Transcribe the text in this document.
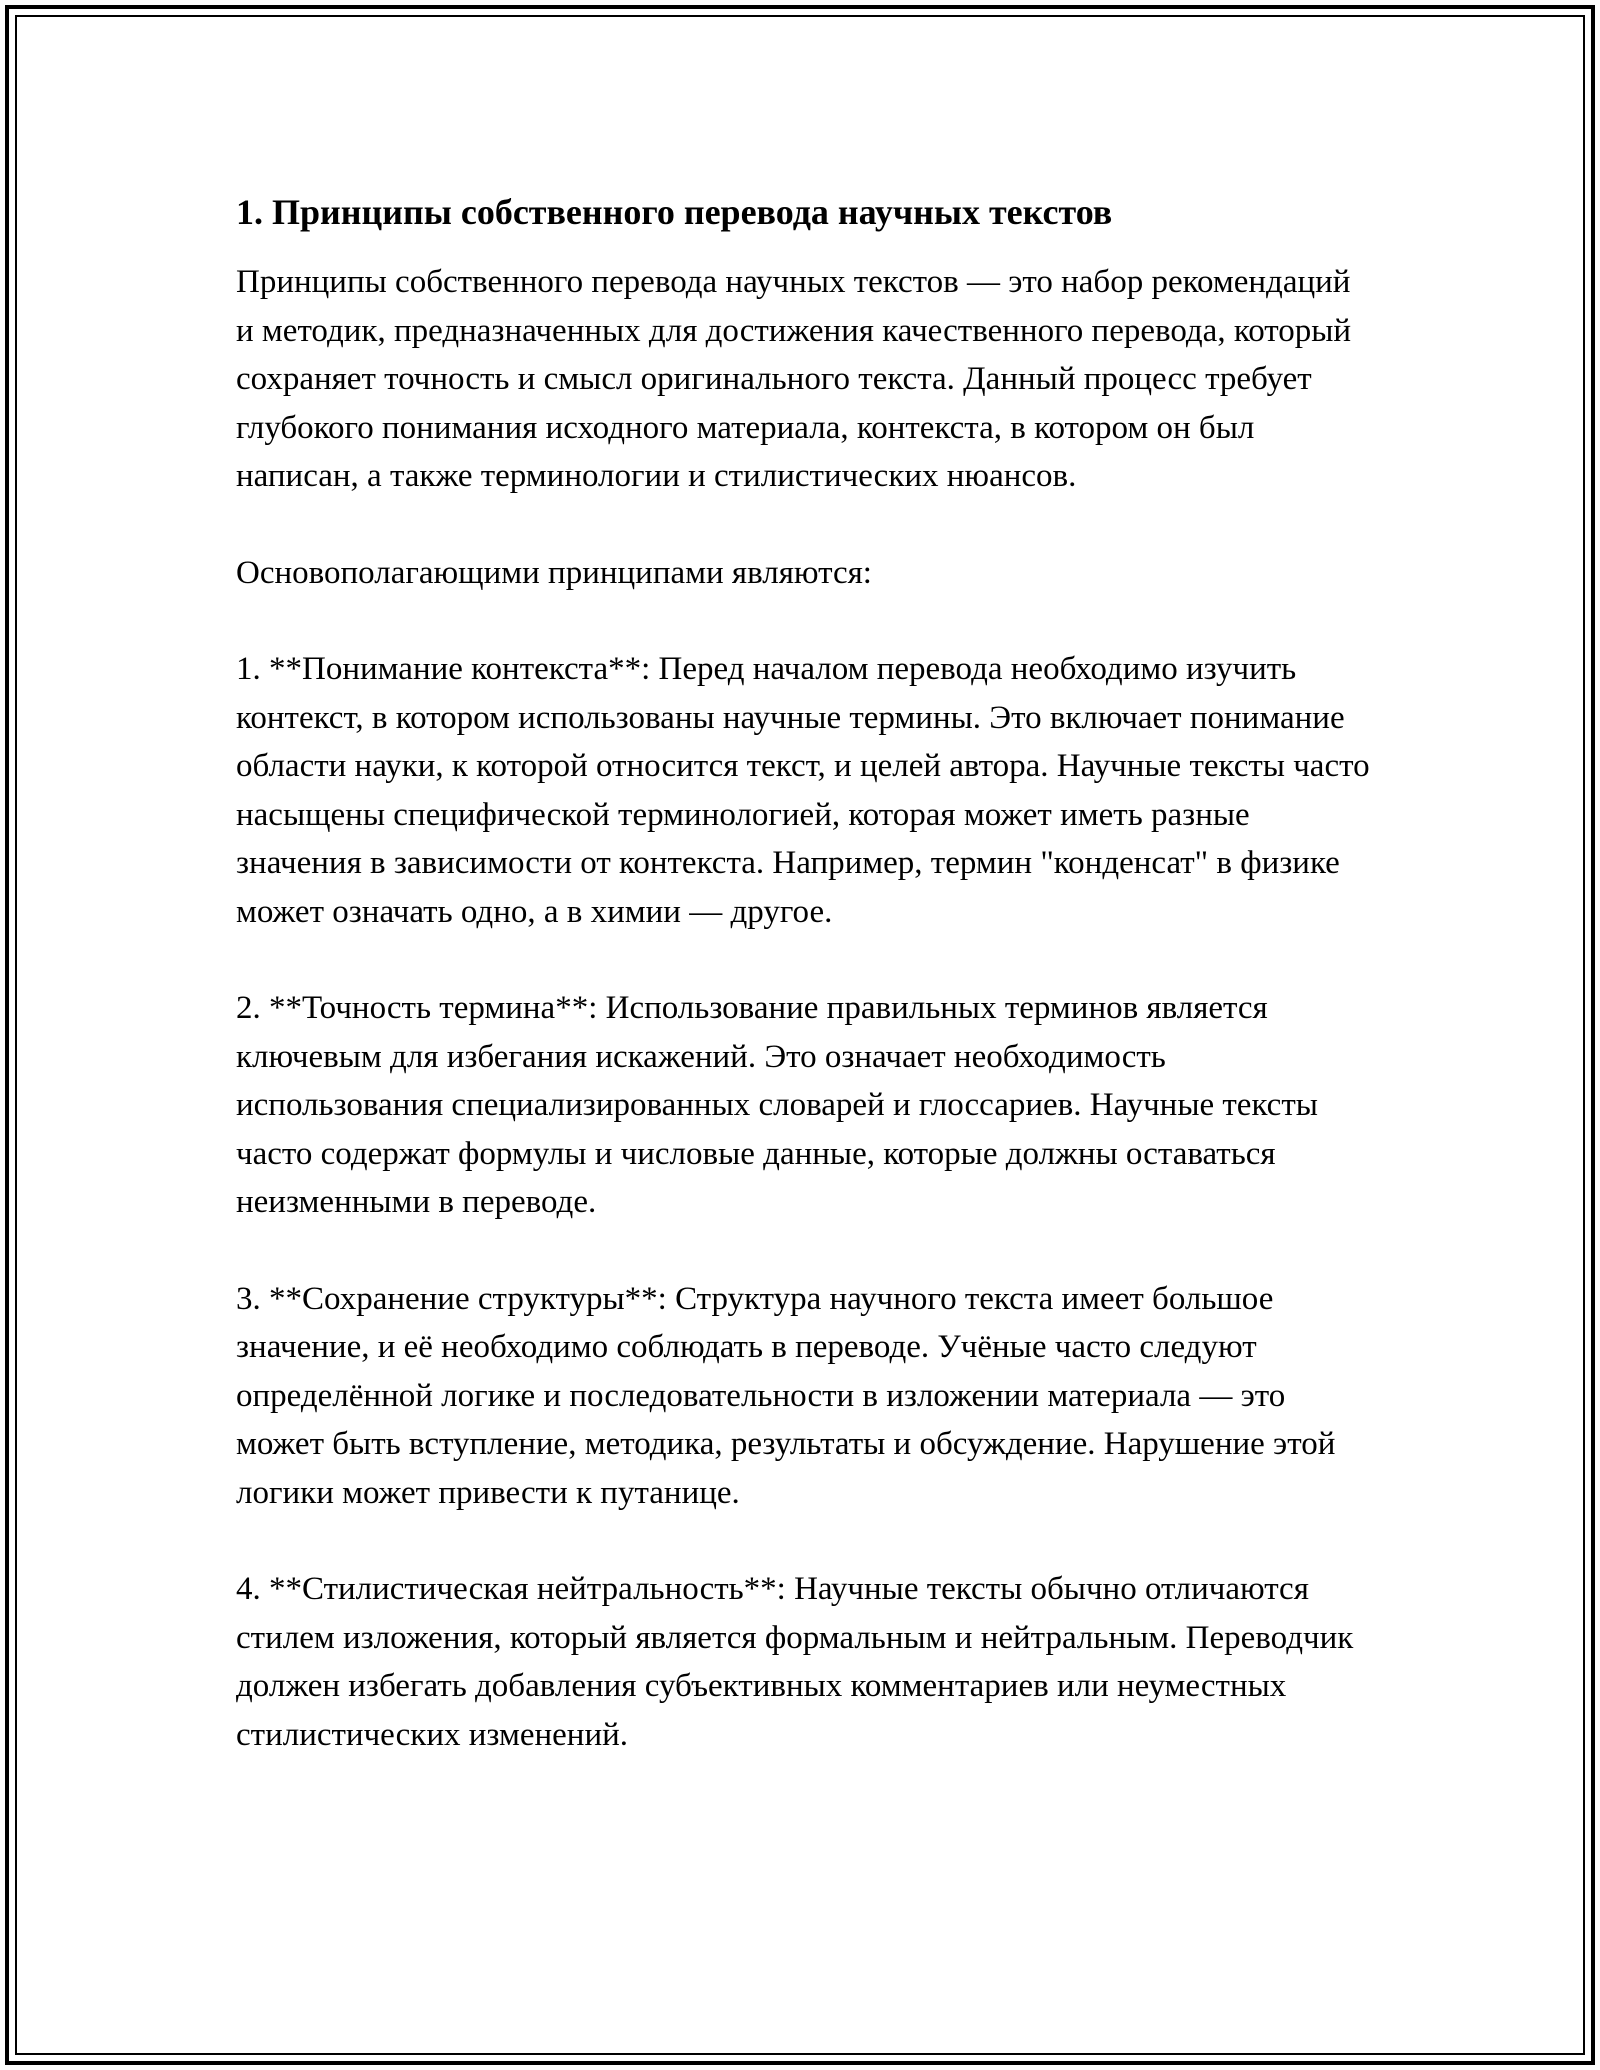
1. Принципы собственного перевода научных текстов

Принципы собственного перевода научных текстов — это набор рекомендаций и методик, предназначенных для достижения качественного перевода, который сохраняет точность и смысл оригинального текста. Данный процесс требует глубокого понимания исходного материала, контекста, в котором он был написан, а также терминологии и стилистических нюансов.

Основополагающими принципами являются:

1. **Понимание контекста**: Перед началом перевода необходимо изучить контекст, в котором использованы научные термины. Это включает понимание области науки, к которой относится текст, и целей автора. Научные тексты часто насыщены специфической терминологией, которая может иметь разные значения в зависимости от контекста. Например, термин "конденсат" в физике может означать одно, а в химии — другое.

2. **Точность термина**: Использование правильных терминов является ключевым для избегания искажений. Это означает необходимость использования специализированных словарей и глоссариев. Научные тексты часто содержат формулы и числовые данные, которые должны оставаться неизменными в переводе.

3. **Сохранение структуры**: Структура научного текста имеет большое значение, и её необходимо соблюдать в переводе. Учёные часто следуют определённой логике и последовательности в изложении материала — это может быть вступление, методика, результаты и обсуждение. Нарушение этой логики может привести к путанице.

4. **Стилистическая нейтральность**: Научные тексты обычно отличаются стилем изложения, который является формальным и нейтральным. Переводчик должен избегать добавления субъективных комментариев или неуместных стилистических изменений.
